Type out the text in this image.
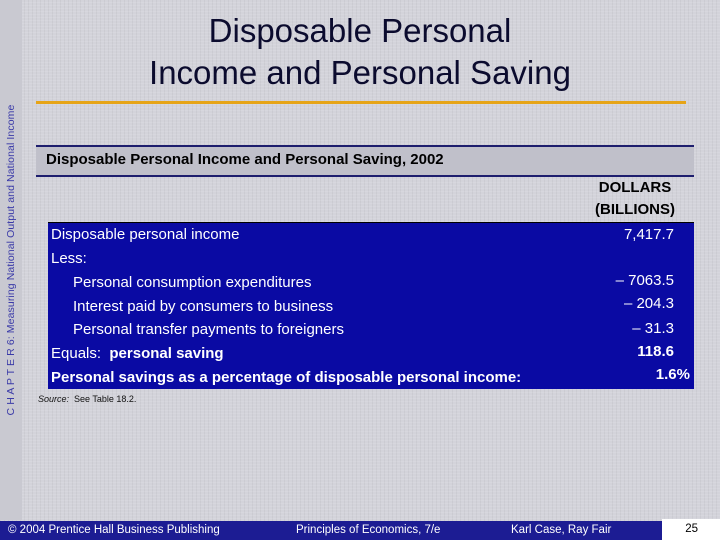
C H A P T E R 6: Measuring National Output and National Income
Disposable Personal
Income and Personal Saving
Disposable Personal Income and Personal Saving, 2002
DOLLARS
(BILLIONS)
Disposable personal income	7,417.7
Less:
Personal consumption expenditures	– 7063.5
Interest paid by consumers to business	– 204.3
Personal transfer payments to foreigners	– 31.3
Equals: personal saving	118.6
Personal savings as a percentage of disposable personal income:	1.6%
Source: See Table 18.2.
© 2004 Prentice Hall Business Publishing	Principles of Economics, 7/e	Karl Case, Ray Fair	25
